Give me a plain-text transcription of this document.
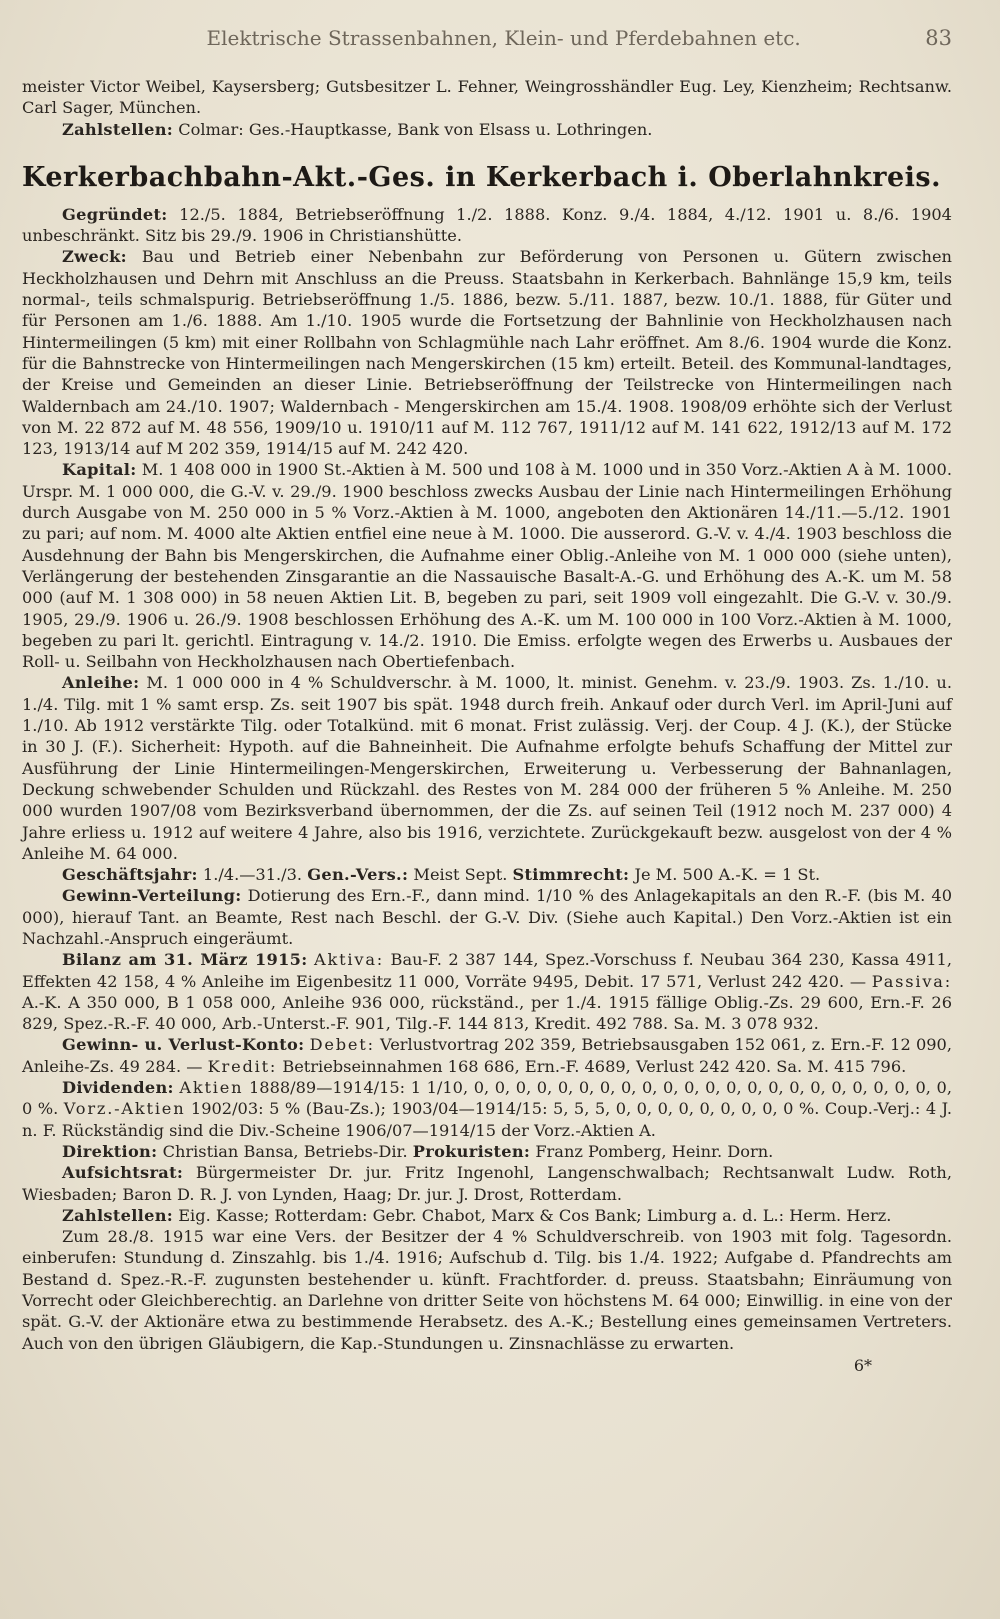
Elektrische Strassenbahnen, Klein- und Pferdebahnen etc.	83

meister Victor Weibel, Kaysersberg; Gutsbesitzer L. Fehner, Weingrosshändler Eug. Ley, Kienzheim; Rechtsanw. Carl Sager, München.

Zahlstellen: Colmar: Ges.-Hauptkasse, Bank von Elsass u. Lothringen.

Kerkerbachbahn-Akt.-Ges. in Kerkerbach i. Oberlahnkreis.

Gegründet: 12./5. 1884, Betriebseröffnung 1./2. 1888. Konz. 9./4. 1884, 4./12. 1901 u. 8./6. 1904 unbeschränkt. Sitz bis 29./9. 1906 in Christianshütte.

Zweck: Bau und Betrieb einer Nebenbahn zur Beförderung von Personen u. Gütern zwischen Heckholzhausen und Dehrn mit Anschluss an die Preuss. Staatsbahn in Kerkerbach. Bahnlänge 15,9 km, teils normal-, teils schmalspurig. Betriebseröffnung 1./5. 1886, bezw. 5./11. 1887, bezw. 10./1. 1888, für Güter und für Personen am 1./6. 1888. Am 1./10. 1905 wurde die Fortsetzung der Bahnlinie von Heckholzhausen nach Hintermeilingen (5 km) mit einer Rollbahn von Schlagmühle nach Lahr eröffnet. Am 8./6. 1904 wurde die Konz. für die Bahnstrecke von Hintermeilingen nach Mengerskirchen (15 km) erteilt. Beteil. des Kommunal-landtages, der Kreise und Gemeinden an dieser Linie. Betriebseröffnung der Teilstrecke von Hintermeilingen nach Waldernbach am 24./10. 1907; Waldernbach - Mengerskirchen am 15./4. 1908. 1908/09 erhöhte sich der Verlust von M. 22 872 auf M. 48 556, 1909/10 u. 1910/11 auf M. 112 767, 1911/12 auf M. 141 622, 1912/13 auf M. 172 123, 1913/14 auf M 202 359, 1914/15 auf M. 242 420.

Kapital: M. 1 408 000 in 1900 St.-Aktien à M. 500 und 108 à M. 1000 und in 350 Vorz.-Aktien A à M. 1000. Urspr. M. 1 000 000, die G.-V. v. 29./9. 1900 beschloss zwecks Ausbau der Linie nach Hintermeilingen Erhöhung durch Ausgabe von M. 250 000 in 5 % Vorz.-Aktien à M. 1000, angeboten den Aktionären 14./11.—5./12. 1901 zu pari; auf nom. M. 4000 alte Aktien entfiel eine neue à M. 1000. Die ausserord. G.-V. v. 4./4. 1903 beschloss die Ausdehnung der Bahn bis Mengerskirchen, die Aufnahme einer Oblig.-Anleihe von M. 1 000 000 (siehe unten), Verlängerung der bestehenden Zinsgarantie an die Nassauische Basalt-A.-G. und Erhöhung des A.-K. um M. 58 000 (auf M. 1 308 000) in 58 neuen Aktien Lit. B, begeben zu pari, seit 1909 voll eingezahlt. Die G.-V. v. 30./9. 1905, 29./9. 1906 u. 26./9. 1908 beschlossen Erhöhung des A.-K. um M. 100 000 in 100 Vorz.-Aktien à M. 1000, begeben zu pari lt. gerichtl. Eintragung v. 14./2. 1910. Die Emiss. erfolgte wegen des Erwerbs u. Ausbaues der Roll- u. Seilbahn von Heckholzhausen nach Obertiefenbach.

Anleihe: M. 1 000 000 in 4 % Schuldverschr. à M. 1000, lt. minist. Genehm. v. 23./9. 1903. Zs. 1./10. u. 1./4. Tilg. mit 1 % samt ersp. Zs. seit 1907 bis spät. 1948 durch freih. Ankauf oder durch Verl. im April-Juni auf 1./10. Ab 1912 verstärkte Tilg. oder Totalkünd. mit 6 monat. Frist zulässig. Verj. der Coup. 4 J. (K.), der Stücke in 30 J. (F.). Sicherheit: Hypoth. auf die Bahneinheit. Die Aufnahme erfolgte behufs Schaffung der Mittel zur Ausführung der Linie Hintermeilingen-Mengerskirchen, Erweiterung u. Verbesserung der Bahnanlagen, Deckung schwebender Schulden und Rückzahl. des Restes von M. 284 000 der früheren 5 % Anleihe. M. 250 000 wurden 1907/08 vom Bezirksverband übernommen, der die Zs. auf seinen Teil (1912 noch M. 237 000) 4 Jahre erliess u. 1912 auf weitere 4 Jahre, also bis 1916, verzichtete. Zurückgekauft bezw. ausgelost von der 4 % Anleihe M. 64 000.

Geschäftsjahr: 1./4.—31./3. Gen.-Vers.: Meist Sept. Stimmrecht: Je M. 500 A.-K. = 1 St.

Gewinn-Verteilung: Dotierung des Ern.-F., dann mind. 1/10 % des Anlagekapitals an den R.-F. (bis M. 40 000), hierauf Tant. an Beamte, Rest nach Beschl. der G.-V. Div. (Siehe auch Kapital.) Den Vorz.-Aktien ist ein Nachzahl.-Anspruch eingeräumt.

Bilanz am 31. März 1915: Aktiva: Bau-F. 2 387 144, Spez.-Vorschuss f. Neubau 364 230, Kassa 4911, Effekten 42 158, 4 % Anleihe im Eigenbesitz 11 000, Vorräte 9495, Debit. 17 571, Verlust 242 420. — Passiva: A.-K. A 350 000, B 1 058 000, Anleihe 936 000, rückständ., per 1./4. 1915 fällige Oblig.-Zs. 29 600, Ern.-F. 26 829, Spez.-R.-F. 40 000, Arb.-Unterst.-F. 901, Tilg.-F. 144 813, Kredit. 492 788. Sa. M. 3 078 932.

Gewinn- u. Verlust-Konto: Debet: Verlustvortrag 202 359, Betriebsausgaben 152 061, z. Ern.-F. 12 090, Anleihe-Zs. 49 284. — Kredit: Betriebseinnahmen 168 686, Ern.-F. 4689, Verlust 242 420. Sa. M. 415 796.

Dividenden: Aktien 1888/89—1914/15: 1 1/10, 0, 0, 0, 0, 0, 0, 0, 0, 0, 0, 0, 0, 0, 0, 0, 0, 0, 0, 0, 0, 0, 0, 0, 0 %. Vorz.-Aktien 1902/03: 5 % (Bau-Zs.); 1903/04—1914/15: 5, 5, 5, 0, 0, 0, 0, 0, 0, 0, 0, 0 %. Coup.-Verj.: 4 J. n. F. Rückständig sind die Div.-Scheine 1906/07—1914/15 der Vorz.-Aktien A.

Direktion: Christian Bansa, Betriebs-Dir. Prokuristen: Franz Pomberg, Heinr. Dorn.

Aufsichtsrat: Bürgermeister Dr. jur. Fritz Ingenohl, Langenschwalbach; Rechtsanwalt Ludw. Roth, Wiesbaden; Baron D. R. J. von Lynden, Haag; Dr. jur. J. Drost, Rotterdam.

Zahlstellen: Eig. Kasse; Rotterdam: Gebr. Chabot, Marx & Cos Bank; Limburg a. d. L.: Herm. Herz.

Zum 28./8. 1915 war eine Vers. der Besitzer der 4 % Schuldverschreib. von 1903 mit folg. Tagesordn. einberufen: Stundung d. Zinszahlg. bis 1./4. 1916; Aufschub d. Tilg. bis 1./4. 1922; Aufgabe d. Pfandrechts am Bestand d. Spez.-R.-F. zugunsten bestehender u. künft. Frachtforder. d. preuss. Staatsbahn; Einräumung von Vorrecht oder Gleichberechtig. an Darlehne von dritter Seite von höchstens M. 64 000; Einwillig. in eine von der spät. G.-V. der Aktionäre etwa zu bestimmende Herabsetz. des A.-K.; Bestellung eines gemeinsamen Vertreters. Auch von den übrigen Gläubigern, die Kap.-Stundungen u. Zinsnachlässe zu erwarten.

6*
